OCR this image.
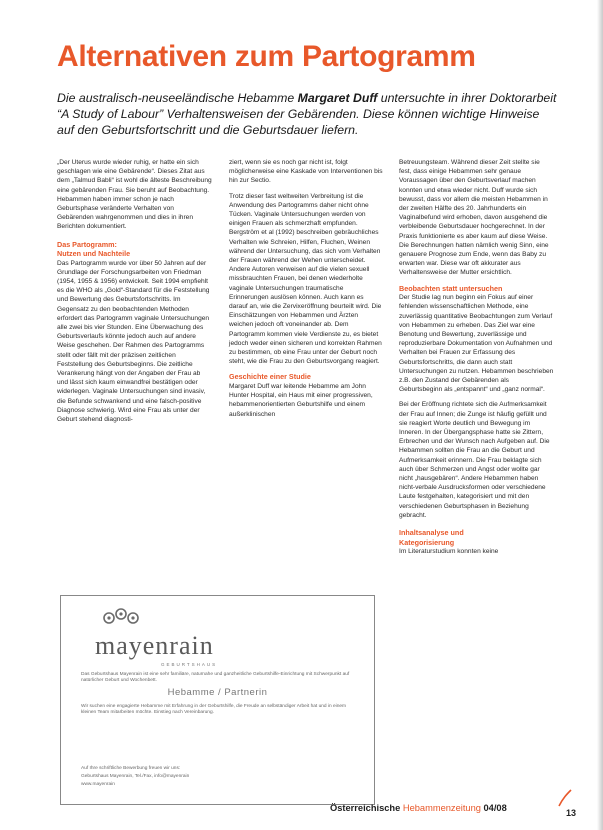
Alternativen zum Partogramm

Die australisch-neuseeländische Hebamme Margaret Duff untersuchte in ihrer Doktorarbeit “A Study of Labour” Verhaltensweisen der Gebärenden. Diese können wichtige Hinweise auf den Geburtsfortschritt und die Geburtsdauer liefern.

„Der Uterus wurde wieder ruhig, er hatte ein sich geschlagen wie eine Gebärende“. Dieses Zitat aus dem „Talmud Babli“ ist wohl die älteste Beschreibung eine gebärenden Frau. Sie beruht auf Beobachtung. Hebammen haben immer schon je nach Geburtsphase veränderte Verhalten von Gebärenden wahrgenommen und dies in ihren Berichten dokumentiert.

Das Partogramm:
Nutzen und Nachteile

Das Partogramm wurde vor über 50 Jahren auf der Grundlage der Forschungsarbeiten von Friedman (1954, 1955 & 1956) entwickelt. Seit 1994 empfiehlt es die WHO als „Gold“-Standard für die Feststellung und Bewertung des Geburtsfortschritts. Im Gegensatz zu den beobachtenden Methoden erfordert das Partogramm vaginale Untersuchungen alle zwei bis vier Stunden. Eine Überwachung des Geburtsverlaufs könnte jedoch auch auf andere Weise geschehen. Der Rahmen des Partogramms stellt oder fällt mit der präzisen zeitlichen Feststellung des Geburtsbeginns. Die zeitliche Verankerung hängt von der Angaben der Frau ab und lässt sich kaum einwandfrei bestätigen oder widerlegen. Vaginale Untersuchungen sind invasiv, die Befunde schwankend und eine falsch-positive Diagnose schwierig. Wird eine Frau als unter der Geburt stehend diagnosti-

ziert, wenn sie es noch gar nicht ist, folgt möglicherweise eine Kaskade von Interventionen bis hin zur Sectio.

Trotz dieser fast weltweiten Verbreitung ist die Anwendung des Partogramms daher nicht ohne Tücken. Vaginale Untersuchungen werden von einigen Frauen als schmerzhaft empfunden. Bergström et al (1992) beschreiben gebräuchliches Verhalten wie Schreien, Hilfen, Fluchen, Weinen während der Untersuchung, das sich vom Verhalten der Frauen während der Wehen unterscheidet. Andere Autoren verweisen auf die vielen sexuell missbrauchten Frauen, bei denen wiederholte vaginale Untersuchungen traumatische Erinnerungen auslösen können. Auch kann es darauf an, wie die Zervixeröffnung beurteilt wird. Die Einschätzungen von Hebammen und Ärzten weichen jedoch oft voneinander ab. Dem Partogramm kommen viele Verdienste zu, es bietet jedoch weder einen sicheren und korrekten Rahmen zu bestimmen, ob eine Frau unter der Geburt noch steht, wie die Frau zu den Geburtsvorgang reagiert.

Geschichte einer Studie

Margaret Duff war leitende Hebamme am John Hunter Hospital, ein Haus mit einer progressiven, hebammenorientierten Geburtshilfe und einem außerklinischen

Betreuungsteam. Während dieser Zeit stellte sie fest, dass einige Hebammen sehr genaue Voraussagen über den Geburtsverlauf machen konnten und etwa wieder nicht. Duff wurde sich bewusst, dass vor allem die meisten Hebammen in der zweiten Hälfte des 20. Jahrhunderts ein Vaginalbefund wird erhoben, davon ausgehend die verbleibende Geburtsdauer hochgerechnet. In der Praxis funktionierte es aber kaum auf diese Weise. Die Berechnungen hatten nämlich wenig Sinn, eine genauere Prognose zum Ende, wenn das Baby zu erwarten war. Diese war oft akkurater aus Verhaltensweise der Mutter ersichtlich.

Beobachten statt untersuchen

Der Studie lag nun beginn ein Fokus auf einer fehlenden wissenschaftlichen Methode, eine zuverlässig quantitative Beobachtungen zum Verlauf von Hebammen zu erheben. Das Ziel war eine Benotung und Bewertung, zuverlässige und reproduzierbare Dokumentation von Aufnahmen und Verhalten bei Frauen zur Erfassung des Geburtsfortschritts, die dann auch statt Untersuchungen zu nutzen. Hebammen beschrieben z.B. den Zustand der Gebärenden als Geburtsbeginn als „entspannt“ und „ganz normal“.

Bei der Eröffnung richtete sich die Aufmerksamkeit der Frau auf Innen; die Zunge ist häufig gefüllt und sie reagiert Worte deutlich und Bewegung im Inneren. In der Übergangsphase hatte sie Zittern, Erbrechen und der Wunsch nach Aufgeben auf. Die Hebammen sollten die Frau an die Geburt und Aufmerksamkeit erinnern. Die Frau beklagte sich auch über Schmerzen und Angst oder wollte gar nicht „hausgebären“. Andere Hebammen haben nicht-verbale Ausdrucksformen oder verschiedene Laute festgehalten, kategorisiert und mit den verschiedenen Geburtsphasen in Beziehung gebracht.

Inhaltsanalyse und
Kategorisierung

Im Literaturstudium konnten keine

mayenrain
GEBURTSHAUS
Das Geburtshaus Mayenrain ist eine sehr familiäre, naturnahe und ganzheitliche Geburtshilfe-Einrichtung mit Schwerpunkt auf natürlicher Geburt und Wochenbett.
Hebamme / Partnerin
Wir suchen eine engagierte Hebamme mit Erfahrung in der Geburtshilfe, die Freude an selbständiger Arbeit hat und in einem kleinen Team mitarbeiten möchte. Einstieg nach Vereinbarung.
Auf Ihre schriftliche Bewerbung freuen wir uns:
Geburtshaus Mayenrain, Tel./Fax, info@mayenrain
www.mayenrain
Österreichische Hebammenzeitung 04/08	13
